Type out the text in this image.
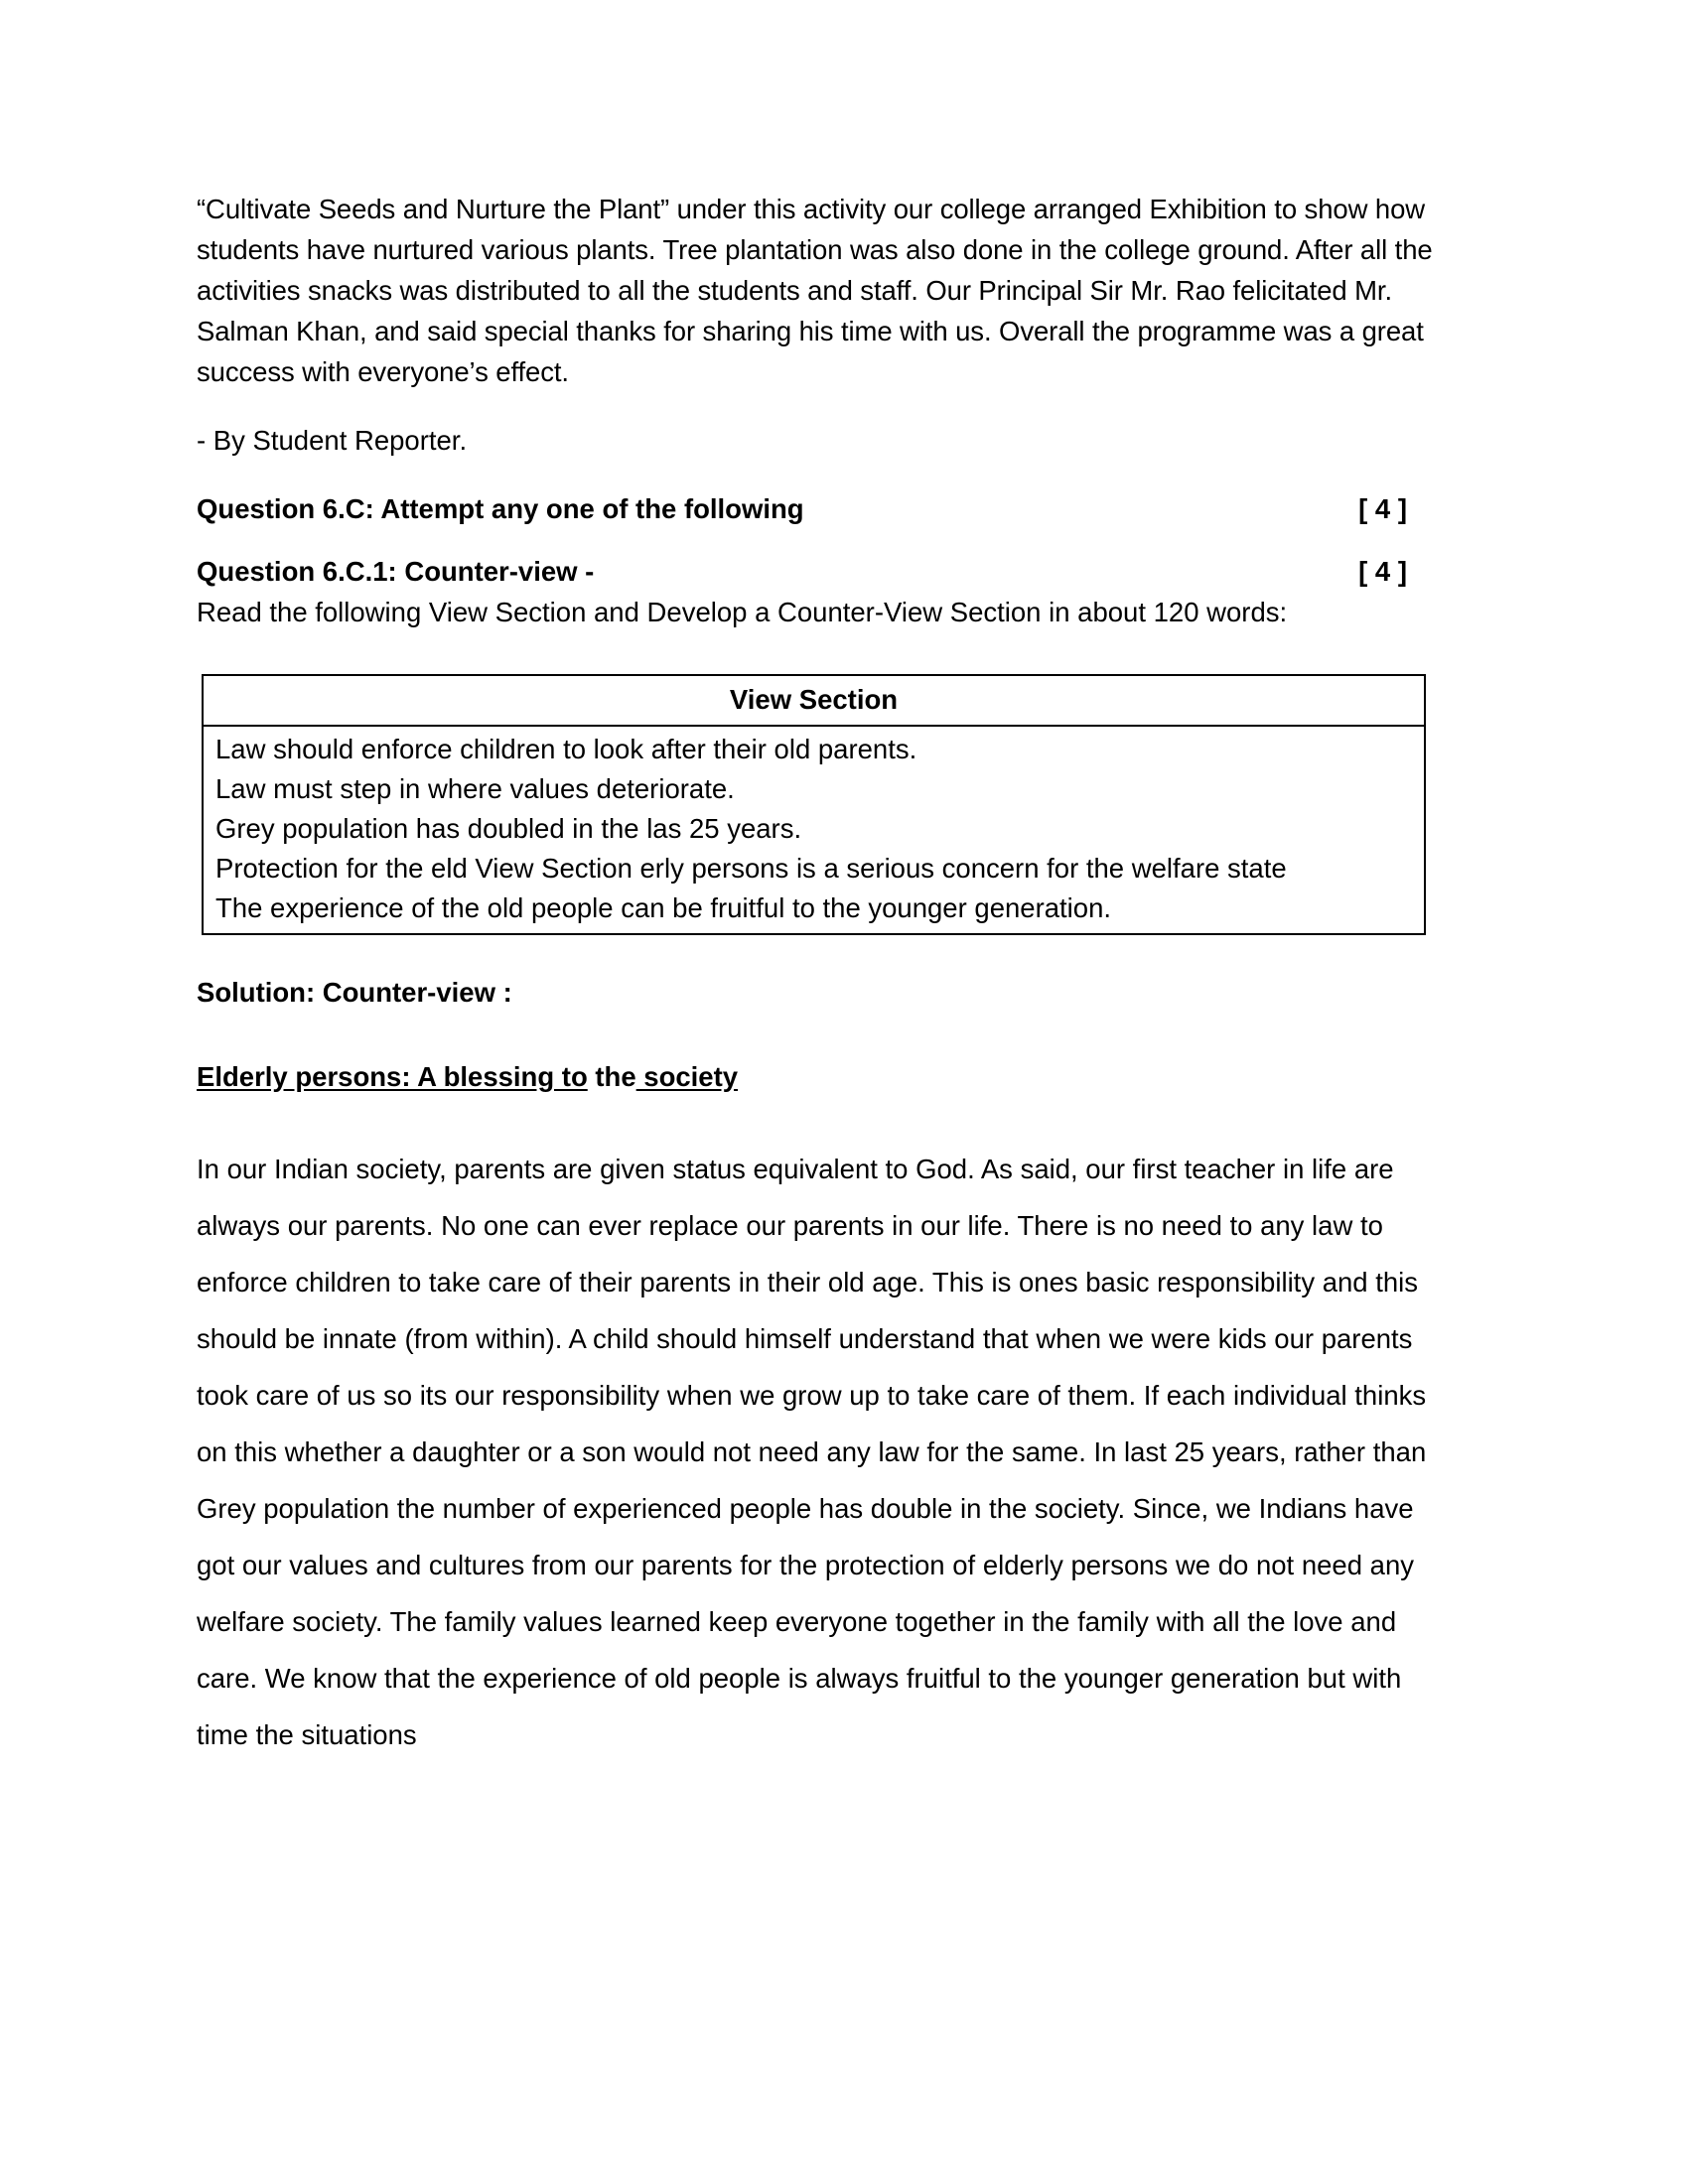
“Cultivate Seeds and Nurture the Plant” under this activity our college arranged Exhibition to show how students have nurtured various plants. Tree plantation was also done in the college ground. After all the activities snacks was distributed to all the students and staff. Our Principal Sir Mr. Rao felicitated Mr. Salman Khan, and said special thanks for sharing his time with us. Overall the programme was a great success with everyone’s effect.

- By Student Reporter.

Question 6.C: Attempt any one of the following	[ 4 ]
Question 6.C.1: Counter-view -	[ 4 ]

Read the following View Section and Develop a Counter-View Section in about 120 words:

View Section

Law should enforce children to look after their old parents.

Law must step in where values deteriorate.

Grey population has doubled in the las 25 years.

Protection for the eld View Section erly persons is a serious concern for the welfare state

The experience of the old people can be fruitful to the younger generation.

Solution: Counter-view :

Elderly persons: A blessing to the society

In our Indian society, parents are given status equivalent to God. As said, our first teacher in life are always our parents. No one can ever replace our parents in our life. There is no need to any law to enforce children to take care of their parents in their old age. This is ones basic responsibility and this should be innate (from within). A child should himself understand that when we were kids our parents took care of us so its our responsibility when we grow up to take care of them. If each individual thinks on this whether a daughter or a son would not need any law for the same. In last 25 years, rather than Grey population the number of experienced people has double in the society. Since, we Indians have got our values and cultures from our parents for the protection of elderly persons we do not need any welfare society. The family values learned keep everyone together in the family with all the love and care. We know that the experience of old people is always fruitful to the younger generation but with time the situations
